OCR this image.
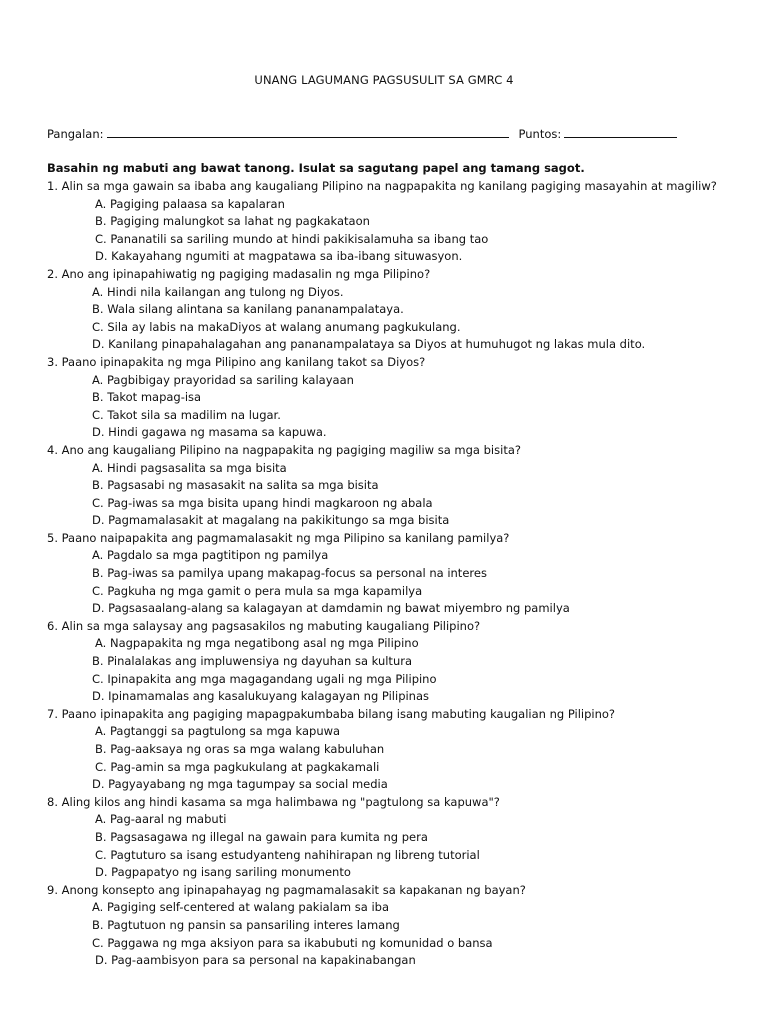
UNANG LAGUMANG PAGSUSULIT SA GMRC 4
Pangalan:	Puntos:
Basahin ng mabuti ang bawat tanong. Isulat sa sagutang papel ang tamang sagot.
1. Alin sa mga gawain sa ibaba ang kaugaliang Pilipino na nagpapakita ng kanilang pagiging masayahin at magiliw?
A. Pagiging palaasa sa kapalaran
B. Pagiging malungkot sa lahat ng pagkakataon
C. Pananatili sa sariling mundo at hindi pakikisalamuha sa ibang tao
D. Kakayahang ngumiti at magpatawa sa iba-ibang situwasyon.
2. Ano ang ipinapahiwatig ng pagiging madasalin ng mga Pilipino?
A. Hindi nila kailangan ang tulong ng Diyos.
B. Wala silang alintana sa kanilang pananampalataya.
C. Sila ay labis na makaDiyos at walang anumang pagkukulang.
D. Kanilang pinapahalagahan ang pananampalataya sa Diyos at humuhugot ng lakas mula dito.
3. Paano ipinapakita ng mga Pilipino ang kanilang takot sa Diyos?
A. Pagbibigay prayoridad sa sariling kalayaan
B. Takot mapag-isa
C. Takot sila sa madilim na lugar.
D. Hindi gagawa ng masama sa kapuwa.
4. Ano ang kaugaliang Pilipino na nagpapakita ng pagiging magiliw sa mga bisita?
A. Hindi pagsasalita sa mga bisita
B. Pagsasabi ng masasakit na salita sa mga bisita
C. Pag-iwas sa mga bisita upang hindi magkaroon ng abala
D. Pagmamalasakit at magalang na pakikitungo sa mga bisita
5. Paano naipapakita ang pagmamalasakit ng mga Pilipino sa kanilang pamilya?
A. Pagdalo sa mga pagtitipon ng pamilya
B. Pag-iwas sa pamilya upang makapag-focus sa personal na interes
C. Pagkuha ng mga gamit o pera mula sa mga kapamilya
D. Pagsasaalang-alang sa kalagayan at damdamin ng bawat miyembro ng pamilya
6. Alin sa mga salaysay ang pagsasakilos ng mabuting kaugaliang Pilipino?
A. Nagpapakita ng mga negatibong asal ng mga Pilipino
B. Pinalalakas ang impluwensiya ng dayuhan sa kultura
C. Ipinapakita ang mga magagandang ugali ng mga Pilipino
D. Ipinamamalas ang kasalukuyang kalagayan ng Pilipinas
7. Paano ipinapakita ang pagiging mapagpakumbaba bilang isang mabuting kaugalian ng Pilipino?
A. Pagtanggi sa pagtulong sa mga kapuwa
B. Pag-aaksaya ng oras sa mga walang kabuluhan
C. Pag-amin sa mga pagkukulang at pagkakamali
D. Pagyayabang ng mga tagumpay sa social media
8. Aling kilos ang hindi kasama sa mga halimbawa ng "pagtulong sa kapuwa"?
A. Pag-aaral ng mabuti
B. Pagsasagawa ng illegal na gawain para kumita ng pera
C. Pagtuturo sa isang estudyanteng nahihirapan ng libreng tutorial
D. Pagpapatyo ng isang sariling monumento
9. Anong konsepto ang ipinapahayag ng pagmamalasakit sa kapakanan ng bayan?
A. Pagiging self-centered at walang pakialam sa iba
B. Pagtutuon ng pansin sa pansariling interes lamang
C. Paggawa ng mga aksiyon para sa ikabubuti ng komunidad o bansa
D. Pag-aambisyon para sa personal na kapakinabangan
